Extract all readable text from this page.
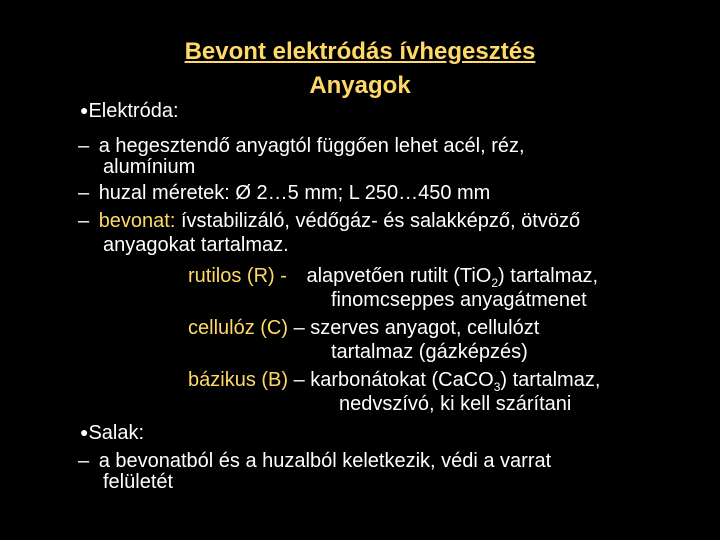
Bevont elektródás ívhegesztés
Anyagok
●Elektróda:
– a hegesztendő anyagtól függően lehet acél, réz,
alumínium
– huzal méretek: Ø 2…5 mm; L 250…450 mm
– bevonat: ívstabilizáló, védőgáz- és salakképző, ötvöző
anyagokat tartalmaz.
rutilos (R) - alapvetően rutilt (TiO$_2$) tartalmaz,
finomcseppes anyagátmenet
cellulóz (C) – szerves anyagot, cellulózt
tartalmaz (gázképzés)
bázikus (B) – karbonátokat (CaCO$_3$) tartalmaz,
nedvszívó, ki kell szárítani
●Salak:
– a bevonatból és a huzalból keletkezik, védi a varrat
felületét
